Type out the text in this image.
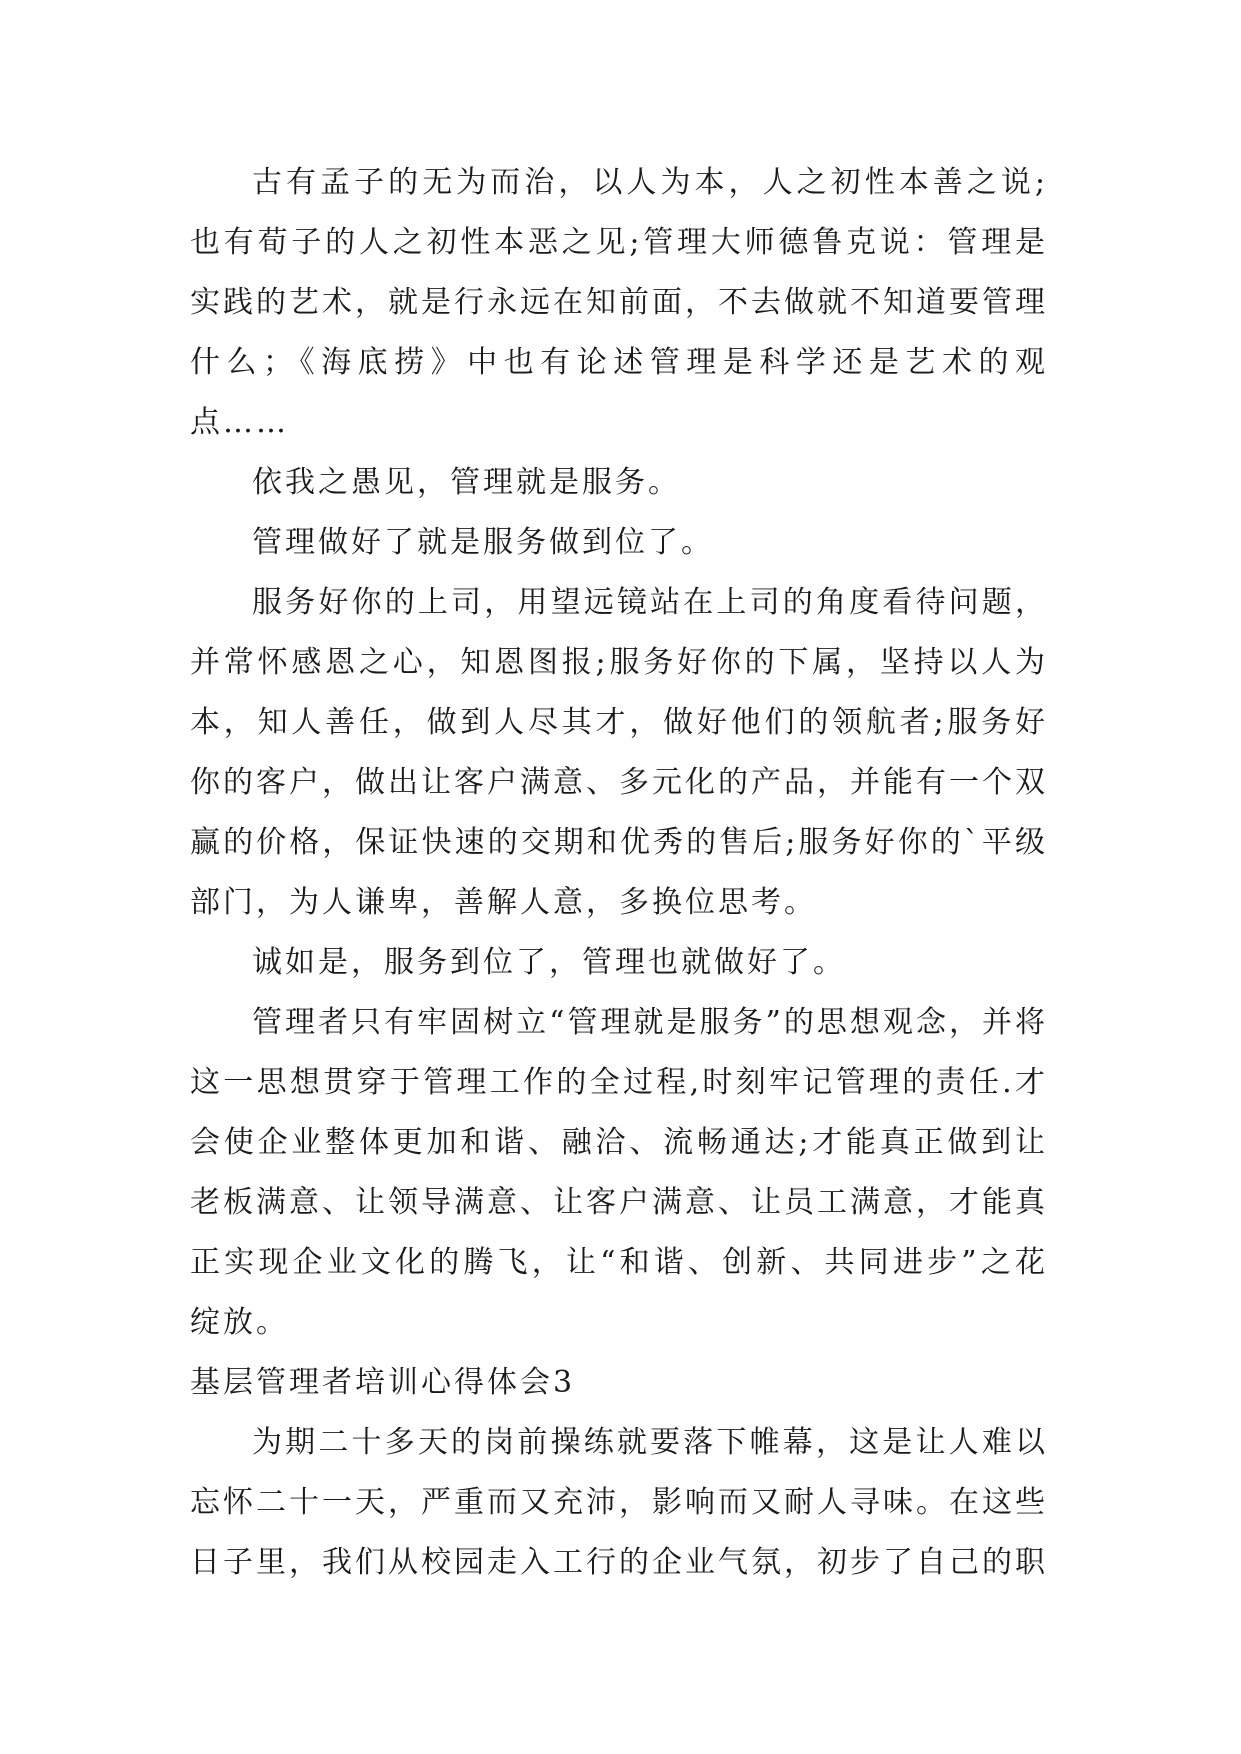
古有孟子的无为而治，以人为本，人之初性本善之说;也有荀子的人之初性本恶之见;管理大师德鲁克说：管理是实践的艺术，就是行永远在知前面，不去做就不知道要管理什么；《海底捞》中也有论述管理是科学还是艺术的观点……

依我之愚见，管理就是服务。

管理做好了就是服务做到位了。

服务好你的上司，用望远镜站在上司的角度看待问题，并常怀感恩之心，知恩图报;服务好你的下属，坚持以人为本，知人善任，做到人尽其才，做好他们的领航者;服务好你的客户，做出让客户满意、多元化的产品，并能有一个双赢的价格，保证快速的交期和优秀的售后;服务好你的`平级部门，为人谦卑，善解人意，多换位思考。

诚如是，服务到位了，管理也就做好了。

管理者只有牢固树立“管理就是服务”的思想观念，并将这一思想贯穿于管理工作的全过程,时刻牢记管理的责任.才会使企业整体更加和谐、融洽、流畅通达;才能真正做到让老板满意、让领导满意、让客户满意、让员工满意，才能真正实现企业文化的腾飞，让“和谐、创新、共同进步”之花绽放。

基层管理者培训心得体会3

为期二十多天的岗前操练就要落下帷幕，这是让人难以忘怀二十一天，严重而又充沛，影响而又耐人寻味。在这些日子里，我们从校园走入工行的企业气氛，初步了自己的职
